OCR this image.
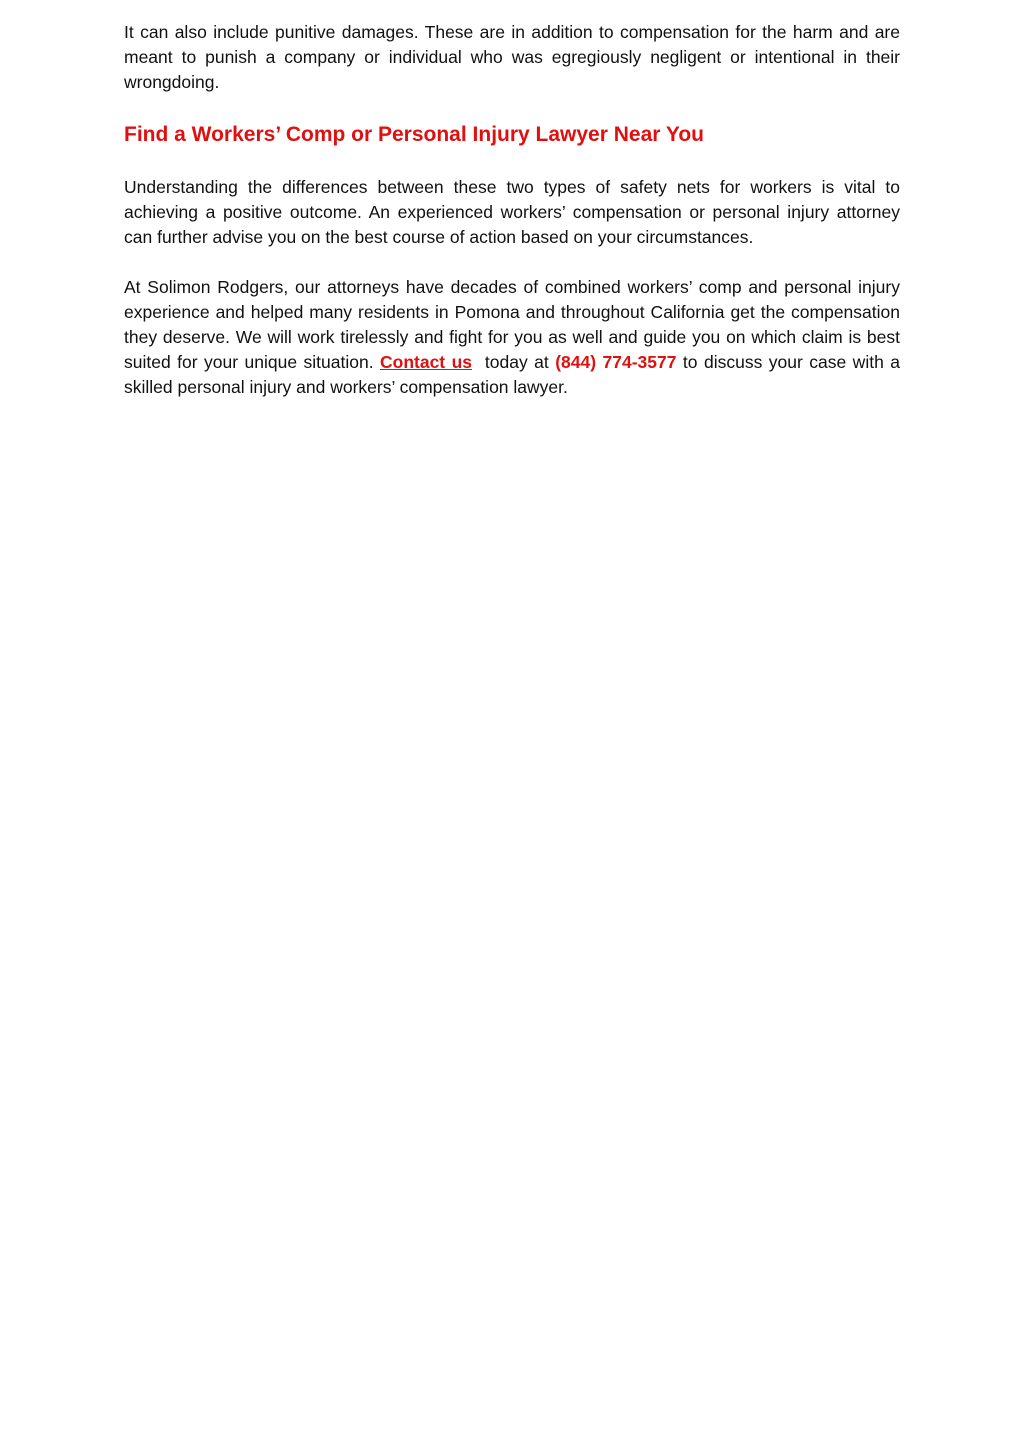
It can also include punitive damages. These are in addition to compensation for the harm and are meant to punish a company or individual who was egregiously negligent or intentional in their wrongdoing.

Find a Workers’ Comp or Personal Injury Lawyer Near You

Understanding the differences between these two types of safety nets for workers is vital to achieving a positive outcome. An experienced workers’ compensation or personal injury attorney can further advise you on the best course of action based on your circumstances.

At Solimon Rodgers, our attorneys have decades of combined workers’ comp and personal injury experience and helped many residents in Pomona and throughout California get the compensation they deserve. We will work tirelessly and fight for you as well and guide you on which claim is best suited for your unique situation. Contact us  today at (844) 774-3577 to discuss your case with a skilled personal injury and workers’ compensation lawyer.
